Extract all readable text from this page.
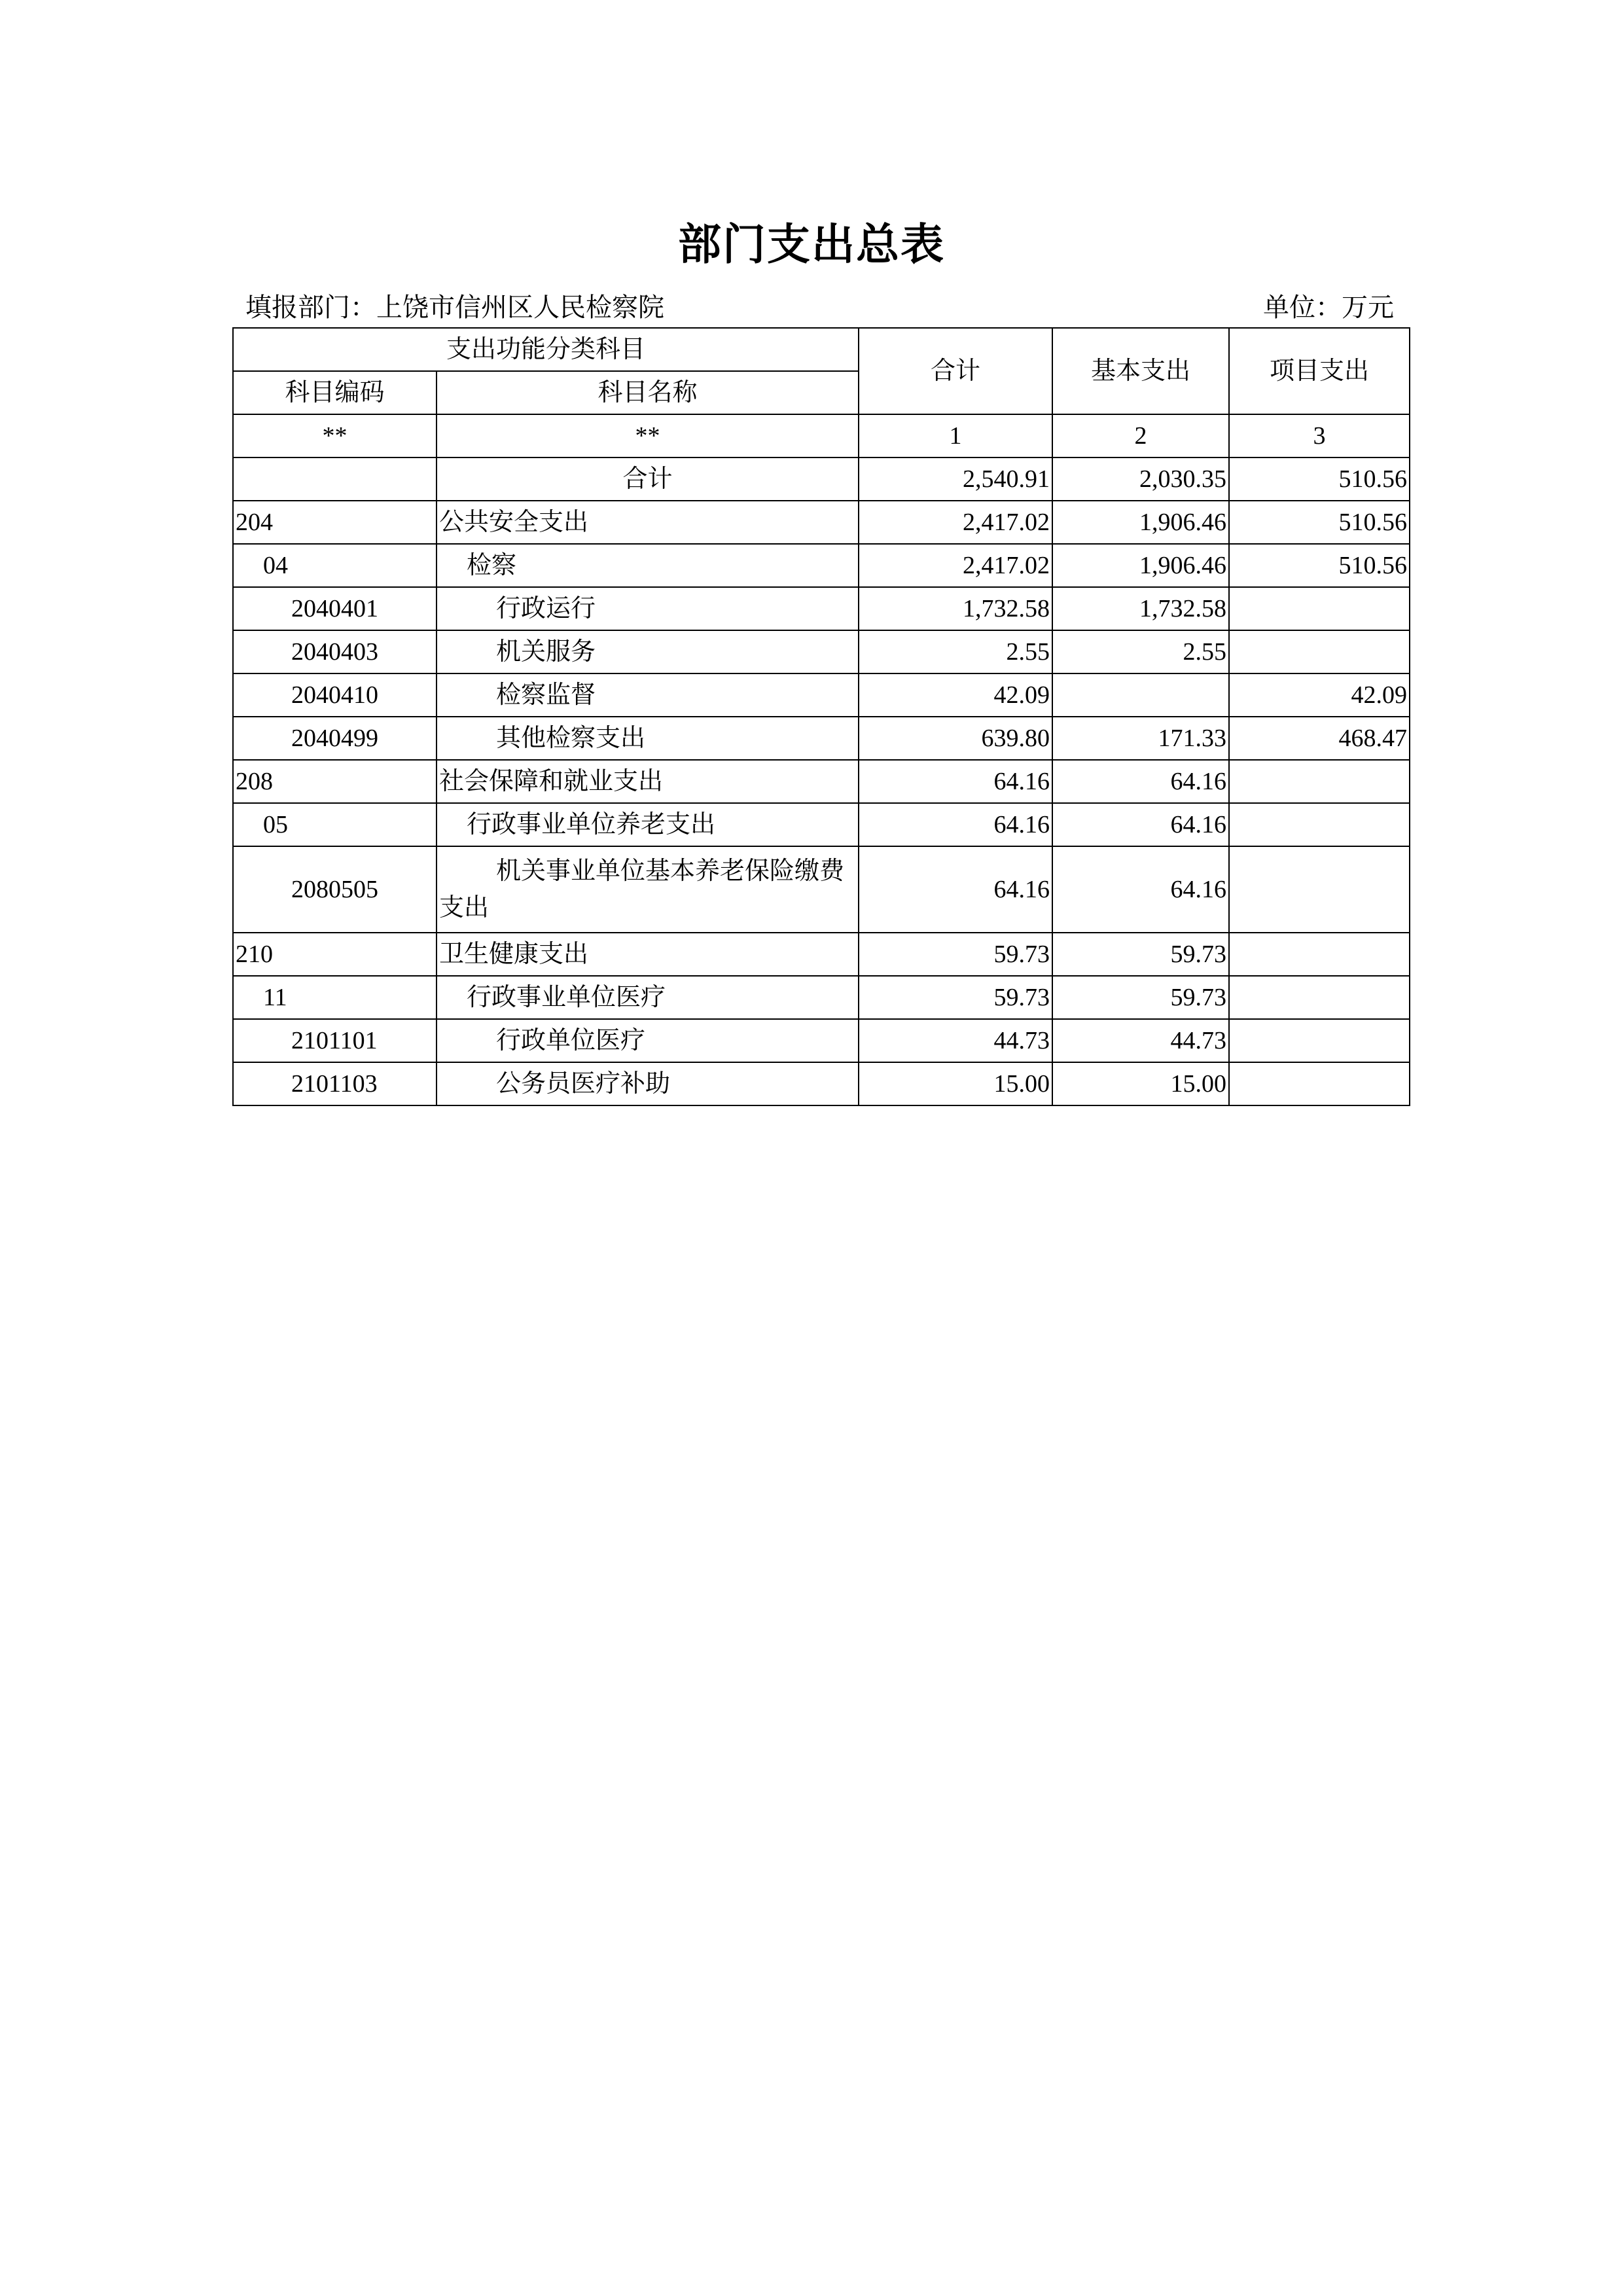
部门支出总表
填报部门：上饶市信州区人民检察院	单位：万元
支出功能分类科目		合计	基本支出	项目支出
科目编码	科目名称			
**	**	1	2	3
	合计	2,540.91	2,030.35	510.56
204	公共安全支出	2,417.02	1,906.46	510.56
04	检察	2,417.02	1,906.46	510.56
2040401	行政运行	1,732.58	1,732.58	
2040403	机关服务	2.55	2.55	
2040410	检察监督	42.09		42.09
2040499	其他检察支出	639.80	171.33	468.47
208	社会保障和就业支出	64.16	64.16	
05	行政事业单位养老支出	64.16	64.16	
2080505	机关事业单位基本养老保险缴费支出	64.16	64.16	
210	卫生健康支出	59.73	59.73	
11	行政事业单位医疗	59.73	59.73	
2101101	行政单位医疗	44.73	44.73	
2101103	公务员医疗补助	15.00	15.00	
